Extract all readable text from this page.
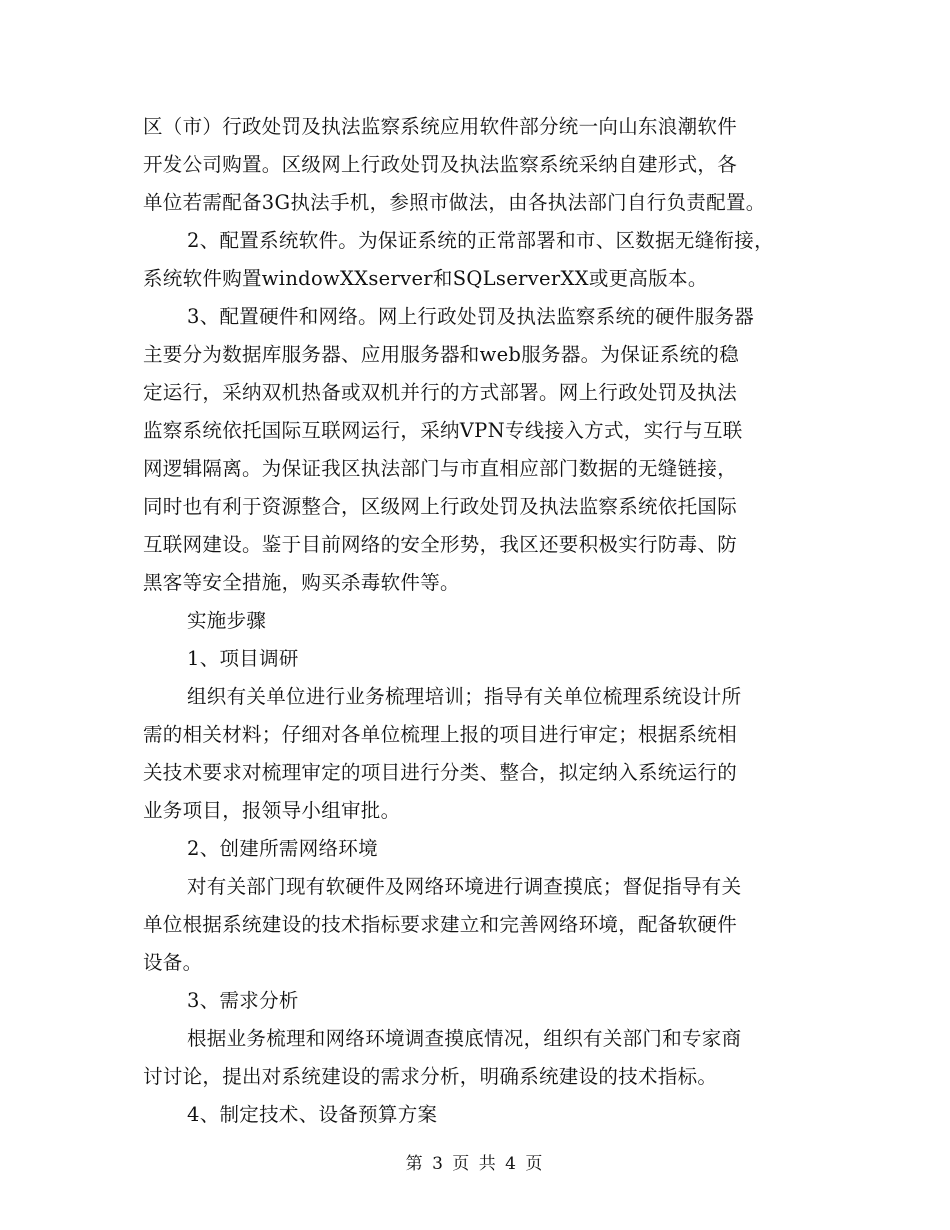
区（市）行政处罚及执法监察系统应用软件部分统一向山东浪潮软件
开发公司购置。区级网上行政处罚及执法监察系统采纳自建形式，各
单位若需配备3G执法手机，参照市做法，由各执法部门自行负责配置。
2、配置系统软件。为保证系统的正常部署和市、区数据无缝衔接，
系统软件购置windowXXserver和SQLserverXX或更高版本。
3、配置硬件和网络。网上行政处罚及执法监察系统的硬件服务器
主要分为数据库服务器、应用服务器和web服务器。为保证系统的稳
定运行，采纳双机热备或双机并行的方式部署。网上行政处罚及执法
监察系统依托国际互联网运行，采纳VPN专线接入方式，实行与互联
网逻辑隔离。为保证我区执法部门与市直相应部门数据的无缝链接，
同时也有利于资源整合，区级网上行政处罚及执法监察系统依托国际
互联网建设。鉴于目前网络的安全形势，我区还要积极实行防毒、防
黑客等安全措施，购买杀毒软件等。
实施步骤
1、项目调研
组织有关单位进行业务梳理培训；指导有关单位梳理系统设计所
需的相关材料；仔细对各单位梳理上报的项目进行审定；根据系统相
关技术要求对梳理审定的项目进行分类、整合，拟定纳入系统运行的
业务项目，报领导小组审批。
2、创建所需网络环境
对有关部门现有软硬件及网络环境进行调查摸底；督促指导有关
单位根据系统建设的技术指标要求建立和完善网络环境，配备软硬件
设备。
3、需求分析
根据业务梳理和网络环境调查摸底情况，组织有关部门和专家商
讨讨论，提出对系统建设的需求分析，明确系统建设的技术指标。
4、制定技术、设备预算方案
第 3 页 共 4 页
